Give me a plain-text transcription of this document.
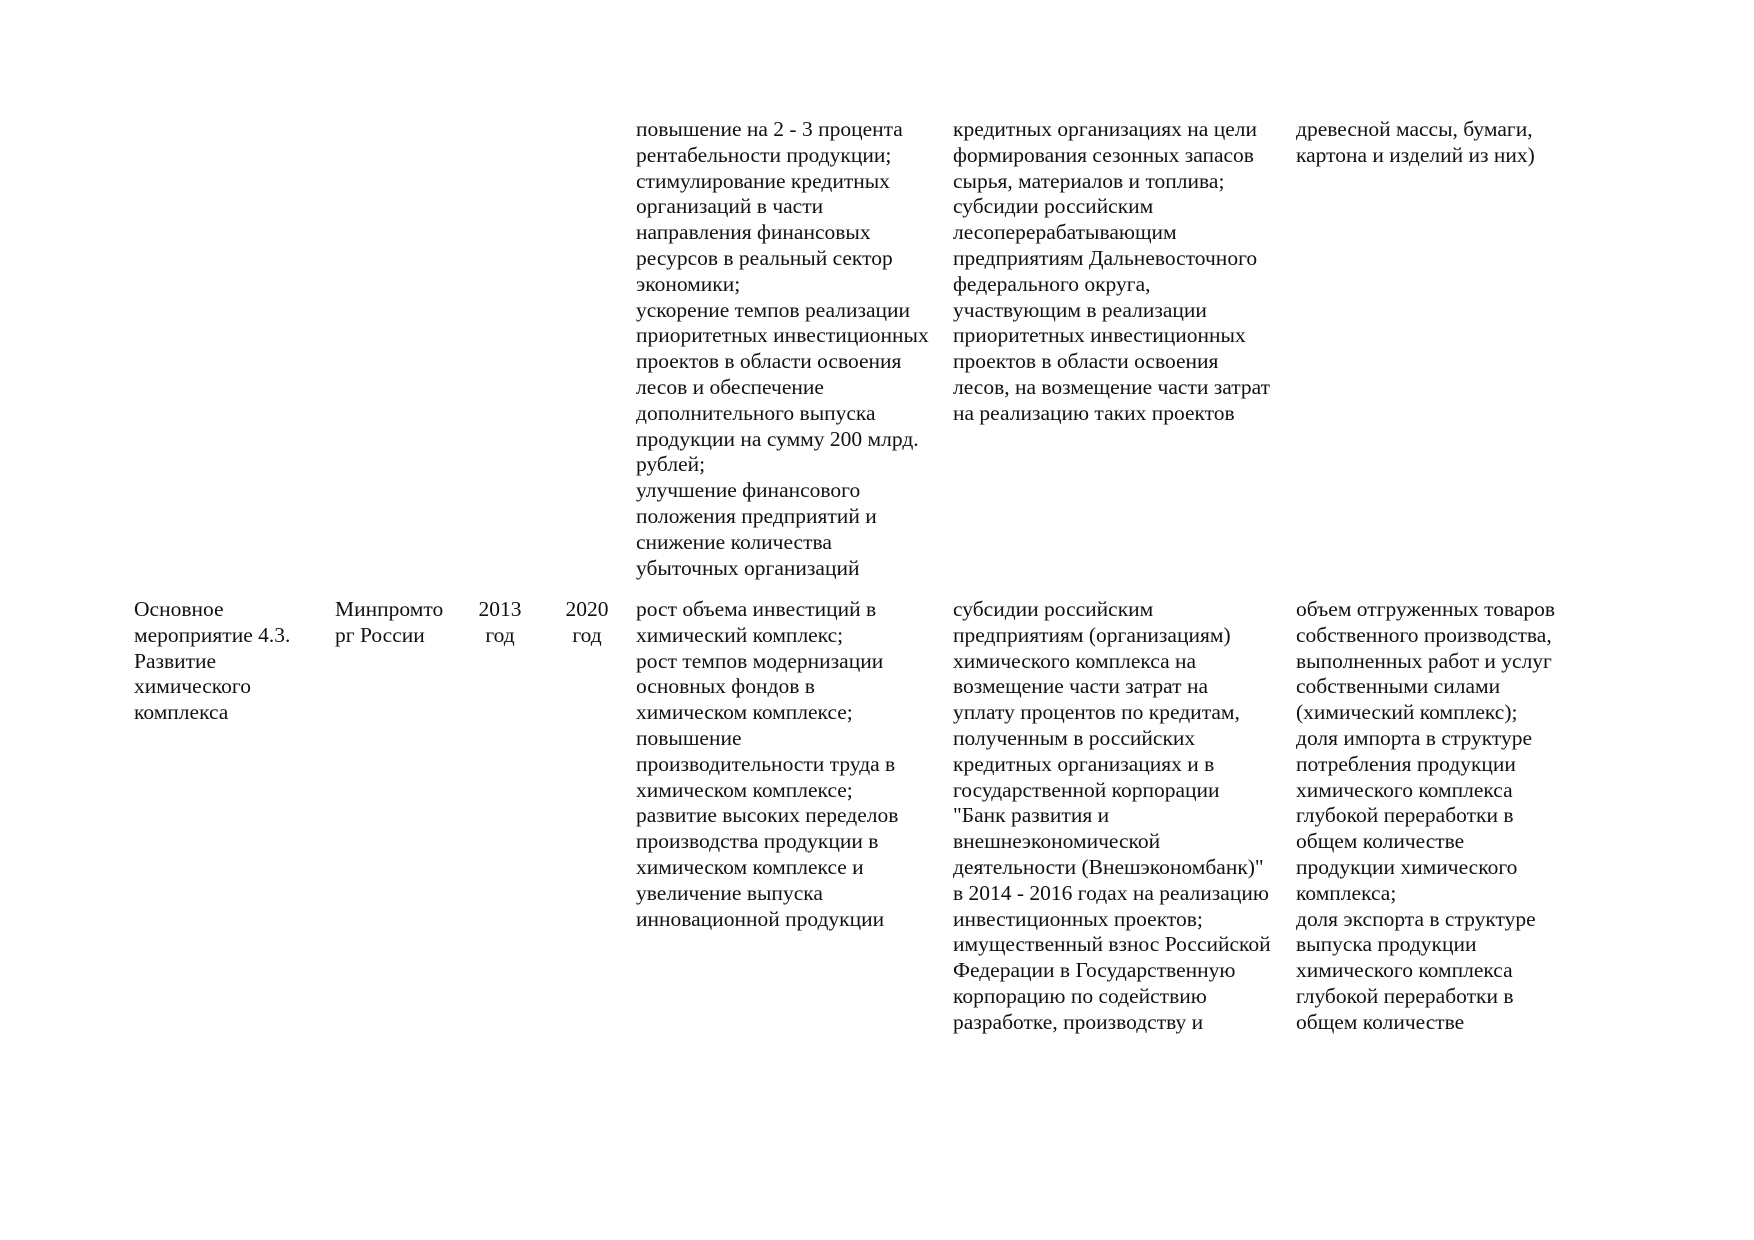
повышение на 2 - 3 процента
рентабельности продукции;
стимулирование кредитных
организаций в части
направления финансовых
ресурсов в реальный сектор
экономики;
ускорение темпов реализации
приоритетных инвестиционных
проектов в области освоения
лесов и обеспечение
дополнительного выпуска
продукции на сумму 200 млрд.
рублей;
улучшение финансового
положения предприятий и
снижение количества
убыточных организаций
кредитных организациях на цели
формирования сезонных запасов
сырья, материалов и топлива;
субсидии российским
лесоперерабатывающим
предприятиям Дальневосточного
федерального округа,
участвующим в реализации
приоритетных инвестиционных
проектов в области освоения
лесов, на возмещение части затрат
на реализацию таких проектов
древесной массы, бумаги,
картона и изделий из них)
Основное
мероприятие 4.3.
Развитие
химического
комплекса
Минпромто
рг России
2013
год
2020
год
рост объема инвестиций в
химический комплекс;
рост темпов модернизации
основных фондов в
химическом комплексе;
повышение
производительности труда в
химическом комплексе;
развитие высоких переделов
производства продукции в
химическом комплексе и
увеличение выпуска
инновационной продукции
субсидии российским
предприятиям (организациям)
химического комплекса на
возмещение части затрат на
уплату процентов по кредитам,
полученным в российских
кредитных организациях и в
государственной корпорации
"Банк развития и
внешнеэкономической
деятельности (Внешэкономбанк)"
в 2014 - 2016 годах на реализацию
инвестиционных проектов;
имущественный взнос Российской
Федерации в Государственную
корпорацию по содействию
разработке, производству и
объем отгруженных товаров
собственного производства,
выполненных работ и услуг
собственными силами
(химический комплекс);
доля импорта в структуре
потребления продукции
химического комплекса
глубокой переработки в
общем количестве
продукции химического
комплекса;
доля экспорта в структуре
выпуска продукции
химического комплекса
глубокой переработки в
общем количестве
